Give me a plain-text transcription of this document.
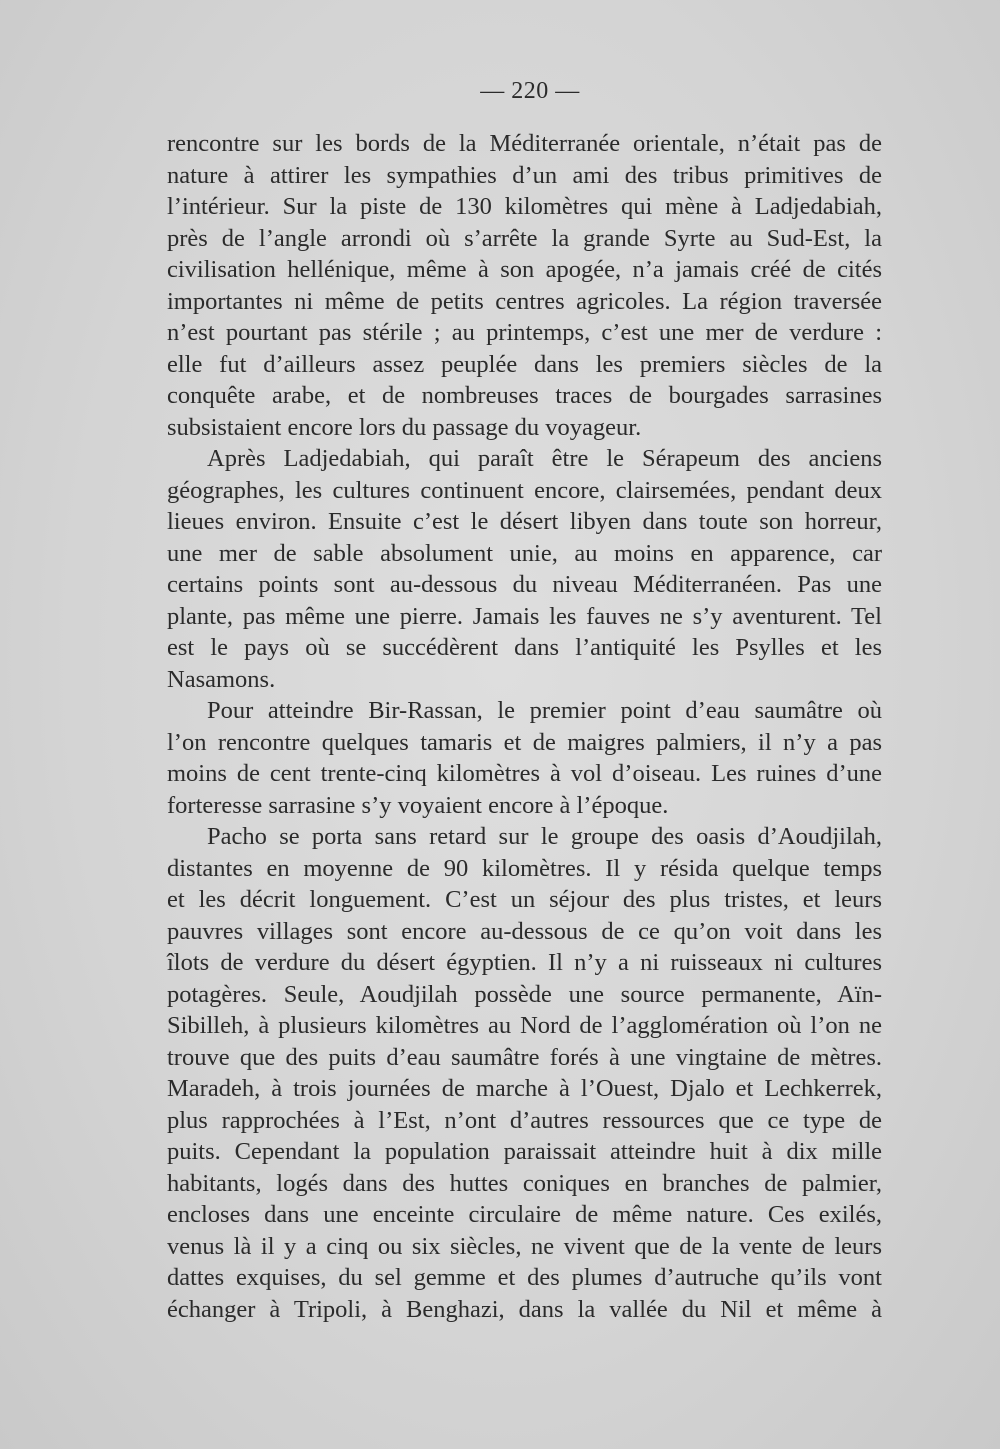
— 220 —
rencontre sur les bords de la Méditerranée orientale, n’était pas de
nature à attirer les sympathies d’un ami des tribus primitives de
l’intérieur. Sur la piste de 130 kilomètres qui mène à Ladjedabiah,
près de l’angle arrondi où s’arrête la grande Syrte au Sud-Est, la
civilisation hellénique, même à son apogée, n’a jamais créé de cités
importantes ni même de petits centres agricoles. La région traversée
n’est pourtant pas stérile ; au printemps, c’est une mer de verdure :
elle fut d’ailleurs assez peuplée dans les premiers siècles de la
conquête arabe, et de nombreuses traces de bourgades sarrasines
subsistaient encore lors du passage du voyageur.
Après Ladjedabiah, qui paraît être le Sérapeum des anciens
géographes, les cultures continuent encore, clairsemées, pendant deux
lieues environ. Ensuite c’est le désert libyen dans toute son horreur,
une mer de sable absolument unie, au moins en apparence, car
certains points sont au-dessous du niveau Méditerranéen. Pas une
plante, pas même une pierre. Jamais les fauves ne s’y aventurent. Tel
est le pays où se succédèrent dans l’antiquité les Psylles et les
Nasamons.
Pour atteindre Bir-Rassan, le premier point d’eau saumâtre où
l’on rencontre quelques tamaris et de maigres palmiers, il n’y a pas
moins de cent trente-cinq kilomètres à vol d’oiseau. Les ruines d’une
forteresse sarrasine s’y voyaient encore à l’époque.
Pacho se porta sans retard sur le groupe des oasis d’Aoudjilah,
distantes en moyenne de 90 kilomètres. Il y résida quelque temps
et les décrit longuement. C’est un séjour des plus tristes, et leurs
pauvres villages sont encore au-dessous de ce qu’on voit dans les
îlots de verdure du désert égyptien. Il n’y a ni ruisseaux ni cultures
potagères. Seule, Aoudjilah possède une source permanente, Aïn-
Sibilleh, à plusieurs kilomètres au Nord de l’agglomération où l’on ne
trouve que des puits d’eau saumâtre forés à une vingtaine de mètres.
Maradeh, à trois journées de marche à l’Ouest, Djalo et Lechkerrek,
plus rapprochées à l’Est, n’ont d’autres ressources que ce type de
puits. Cependant la population paraissait atteindre huit à dix mille
habitants, logés dans des huttes coniques en branches de palmier,
encloses dans une enceinte circulaire de même nature. Ces exilés,
venus là il y a cinq ou six siècles, ne vivent que de la vente de leurs
dattes exquises, du sel gemme et des plumes d’autruche qu’ils vont
échanger à Tripoli, à Benghazi, dans la vallée du Nil et même à
